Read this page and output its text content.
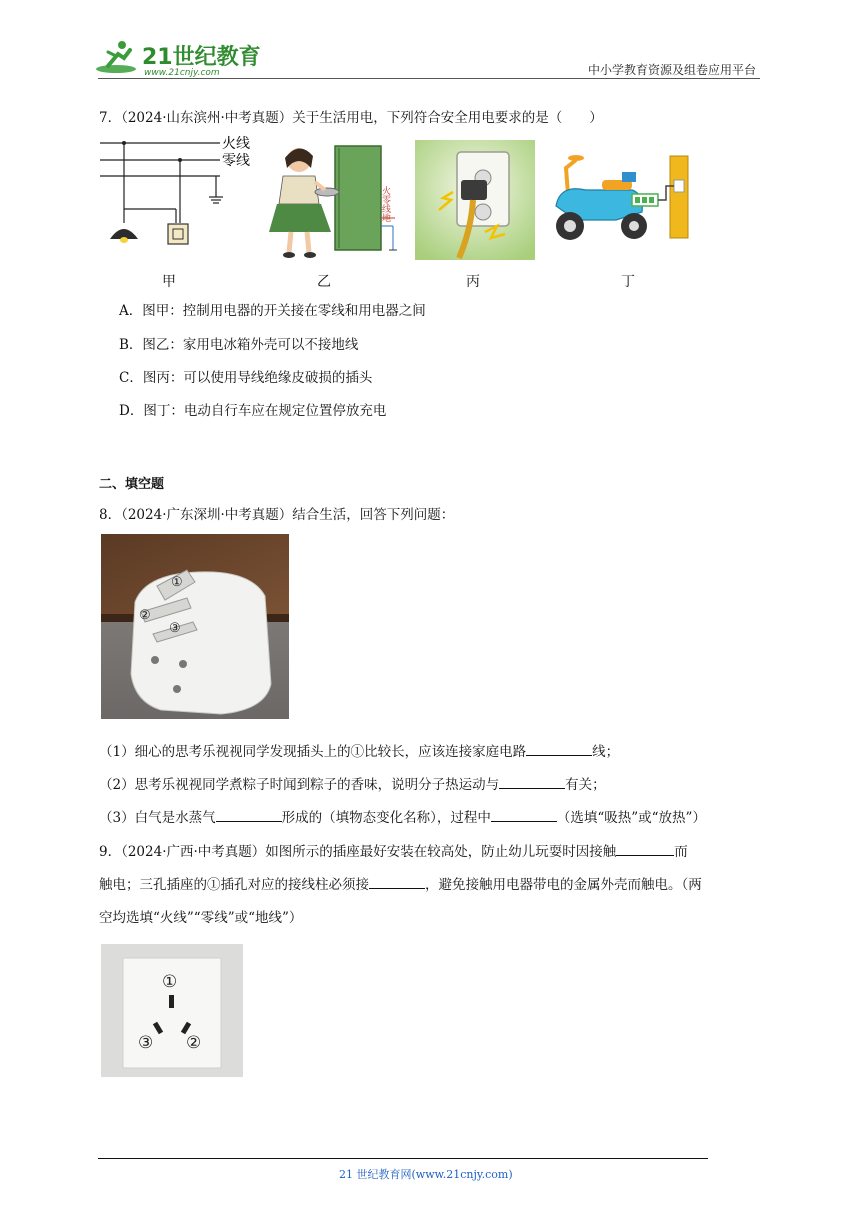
21世纪教育
www.21cnjy.com	中小学教育资源及组卷应用平台
7．（2024·山东滨州·中考真题）关于生活用电，下列符合安全用电要求的是（　　）
火线
零线
火零线地
甲	乙	丙	丁
A．图甲：控制用电器的开关接在零线和用电器之间
B．图乙：家用电冰箱外壳可以不接地线
C．图丙：可以使用导线绝缘皮破损的插头
D．图丁：电动自行车应在规定位置停放充电
二、填空题
8．（2024·广东深圳·中考真题）结合生活，回答下列问题：
①
②
③
（1）细心的思考乐视视同学发现插头上的①比较长，应该连接家庭电路	线；
（2）思考乐视视同学煮粽子时闻到粽子的香味，说明分子热运动与	有关；
（3）白气是水蒸气	形成的（填物态变化名称），过程中	（选填“吸热”或“放热”）
9．（2024·广西·中考真题）如图所示的插座最好安装在较高处，防止幼儿玩耍时因接触	而
触电；三孔插座的①插孔对应的接线柱必须接	，避免接触用电器带电的金属外壳而触电。（两
空均选填“火线”“零线”或“地线”）
①
③ ②
21 世纪教育网(www.21cnjy.com)
